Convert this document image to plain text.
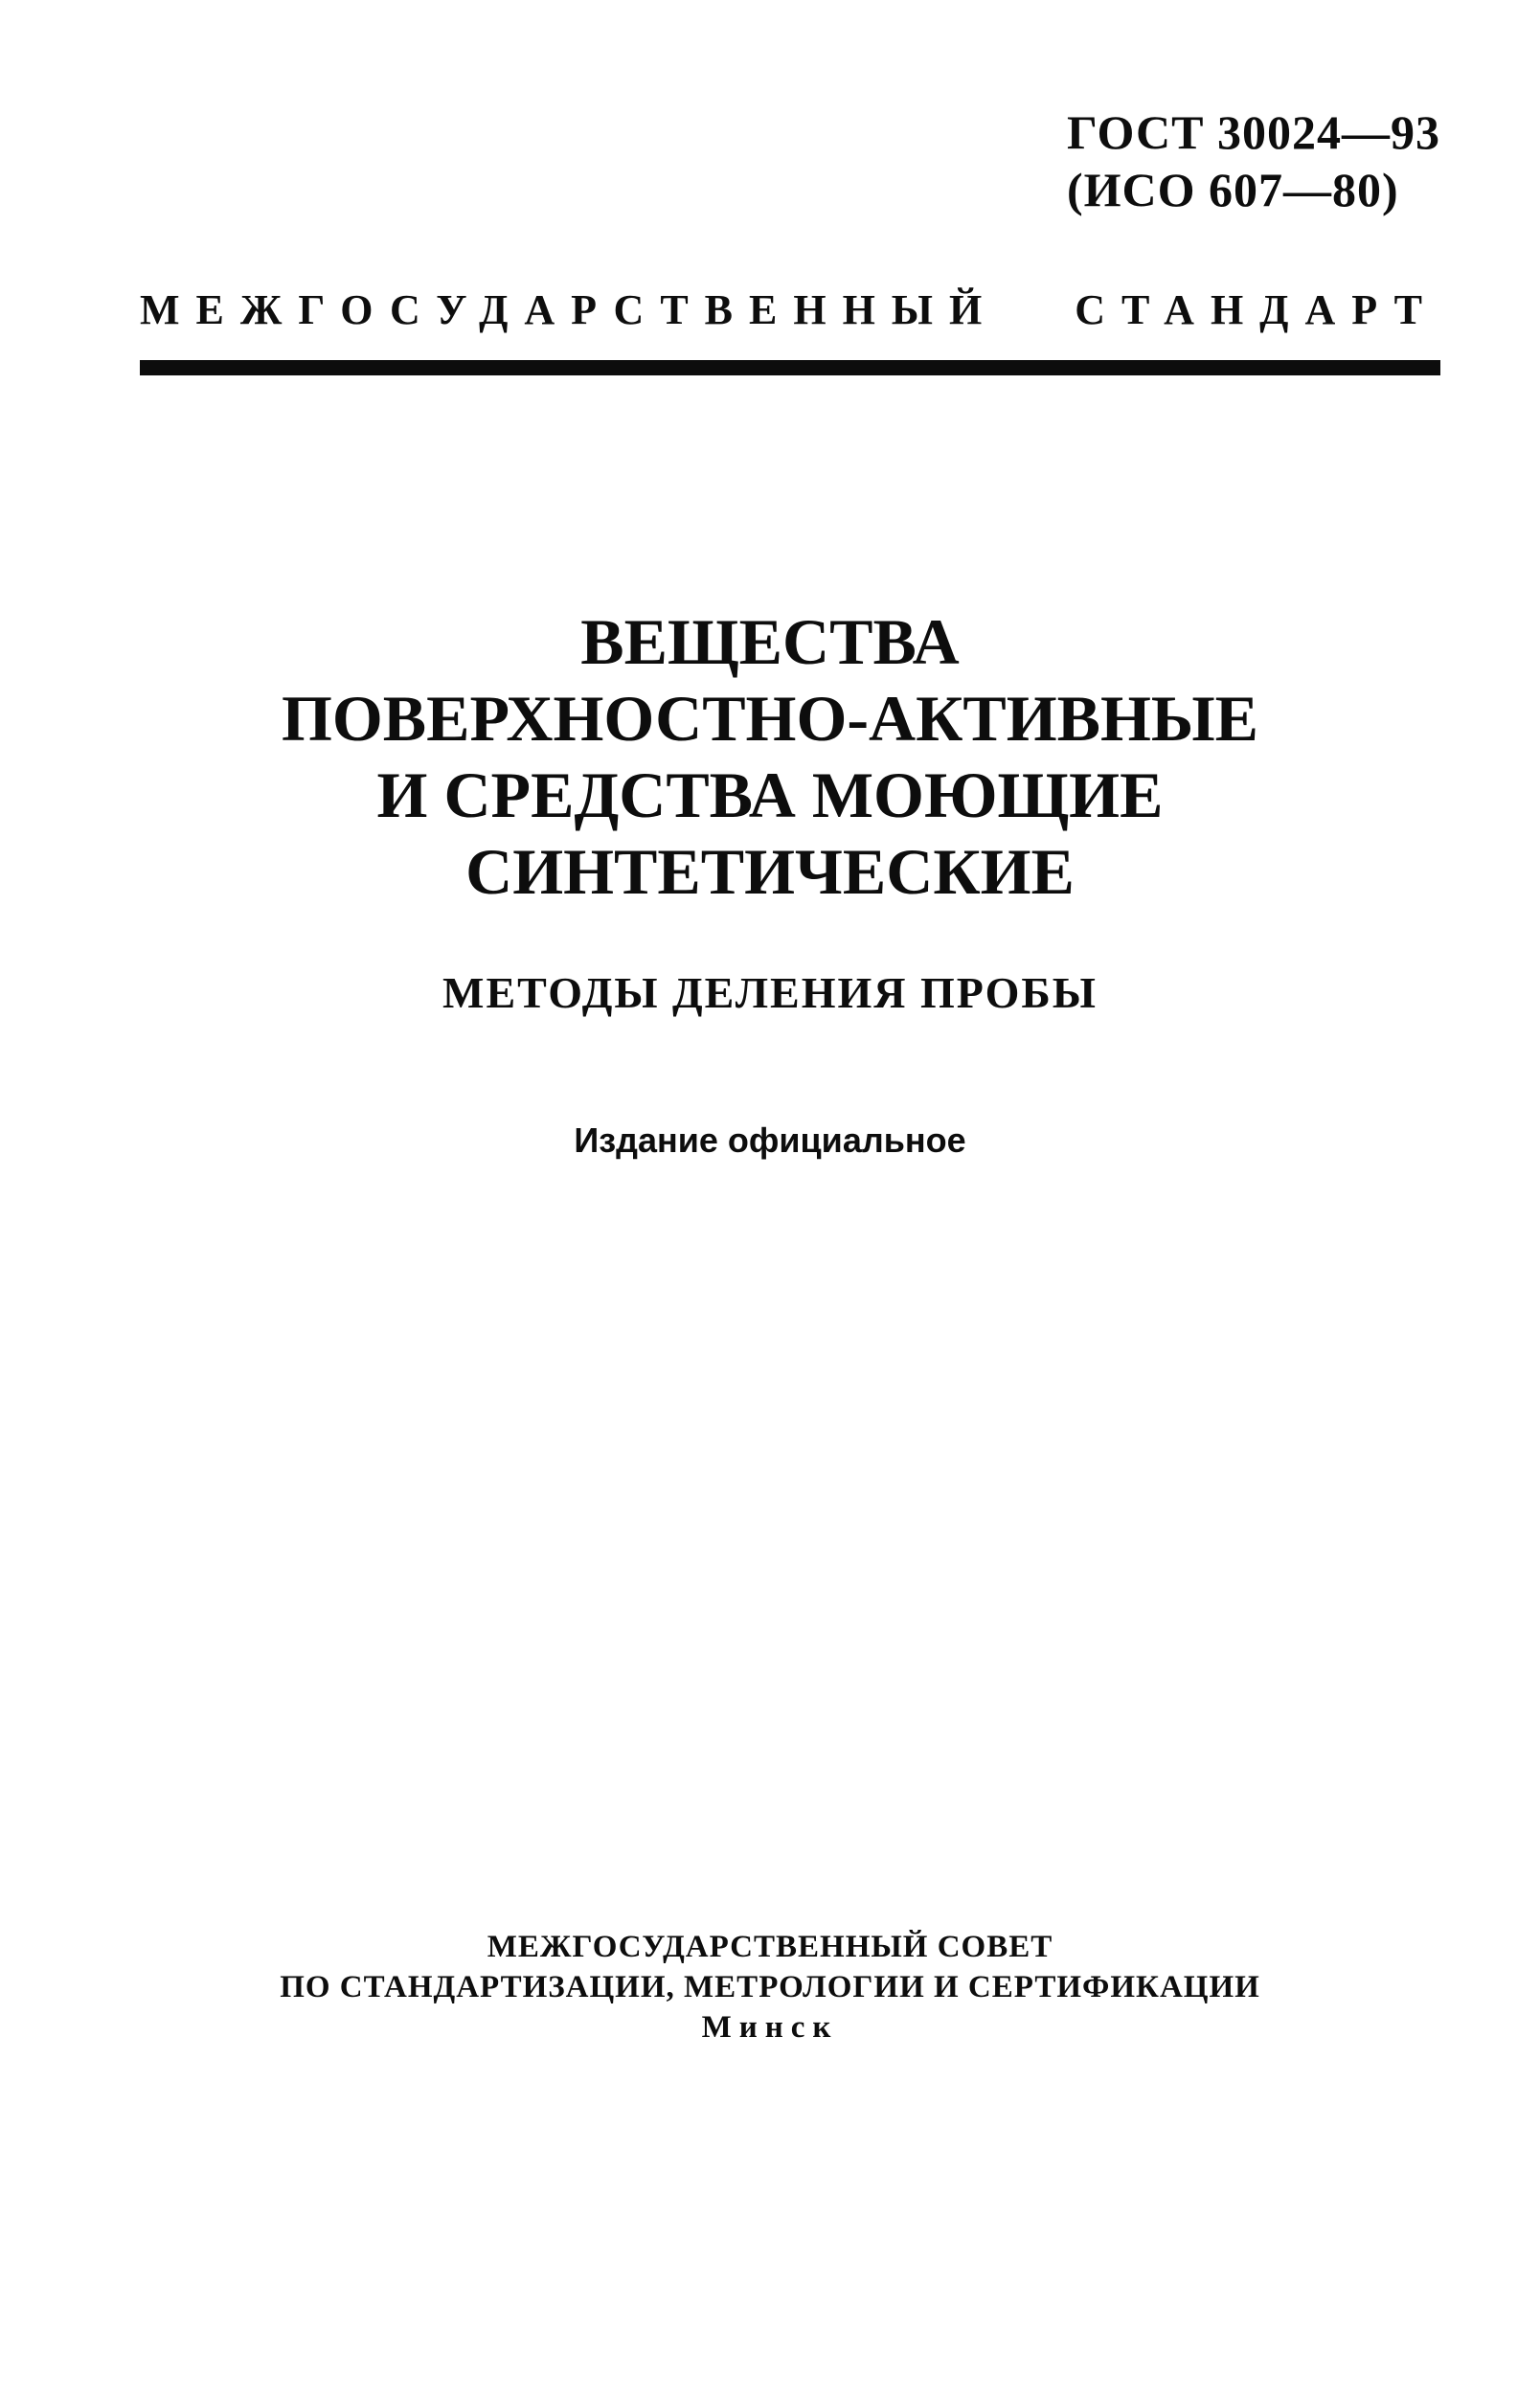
ГОСТ 30024—93
(ИСО 607—80)
МЕЖГОСУДАРСТВЕННЫЙ СТАНДАРТ
ВЕЩЕСТВА
ПОВЕРХНОСТНО-АКТИВНЫЕ
И СРЕДСТВА МОЮЩИЕ
СИНТЕТИЧЕСКИЕ
МЕТОДЫ ДЕЛЕНИЯ ПРОБЫ
Издание официальное
МЕЖГОСУДАРСТВЕННЫЙ СОВЕТ
ПО СТАНДАРТИЗАЦИИ, МЕТРОЛОГИИ И СЕРТИФИКАЦИИ
Минск
